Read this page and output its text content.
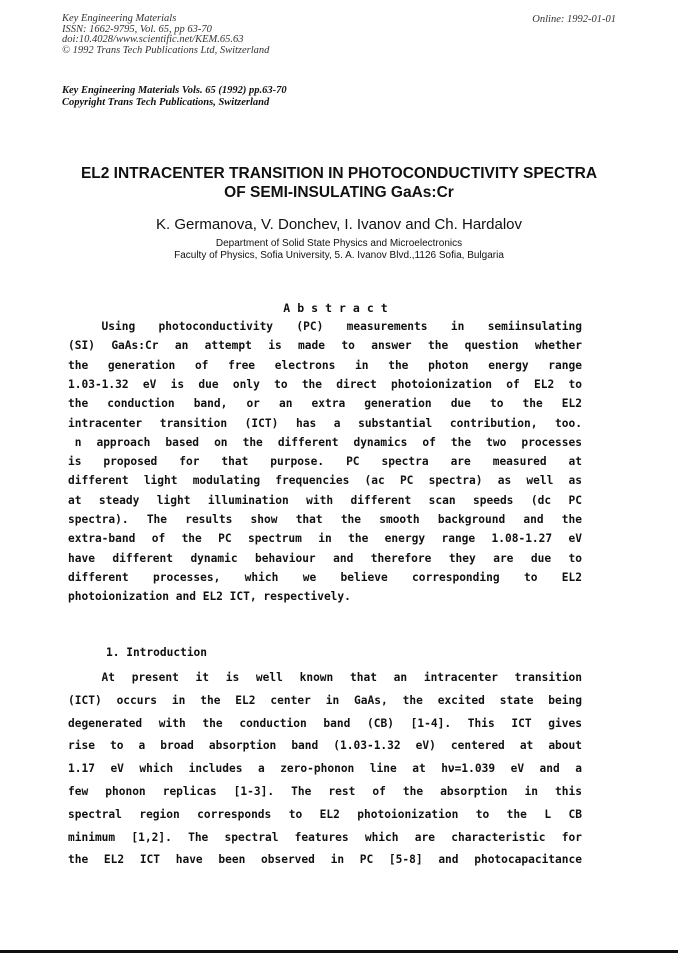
Key Engineering Materials
ISSN: 1662-9795, Vol. 65, pp 63-70
doi:10.4028/www.scientific.net/KEM.65.63
© 1992 Trans Tech Publications Ltd, Switzerland
Online: 1992-01-01
Key Engineering Materials Vols. 65 (1992) pp.63-70
Copyright Trans Tech Publications, Switzerland
EL2 INTRACENTER TRANSITION IN PHOTOCONDUCTIVITY SPECTRA
OF SEMI-INSULATING GaAs:Cr
K. Germanova, V. Donchev, I. Ivanov and Ch. Hardalov
Department of Solid State Physics and Microelectronics
Faculty of Physics, Sofia University, 5. A. Ivanov Blvd.,1126 Sofia, Bulgaria
Abstract
Using photoconductivity (PC) measurements in semiinsulating
(SI) GaAs:Cr an attempt is made to answer the question whether
the generation of free electrons in the photon energy range
1.03-1.32 eV is due only to the direct photoionization of EL2 to
the conduction band, or an extra generation due to the EL2
intracenter transition (ICT) has a substantial contribution, too.
n approach based on the different dynamics of the two processes
is proposed for that purpose. PC spectra are measured at
different light modulating frequencies (ac PC spectra) as well as
at steady light illumination with different scan speeds (dc PC
spectra). The results show that the smooth background and the
extra-band of the PC spectrum in the energy range 1.08-1.27 eV
have different dynamic behaviour and therefore they are due to
different processes, which we believe corresponding to EL2
photoionization and EL2 ICT, respectively.
1. Introduction
At present it is well known that an intracenter transition
(ICT) occurs in the EL2 center in GaAs, the excited state being
degenerated with the conduction band (CB) [1-4]. This ICT gives
rise to a broad absorption band (1.03-1.32 eV) centered at about
1.17 eV which includes a zero-phonon line at hν=1.039 eV and a
few phonon replicas [1-3]. The rest of the absorption in this
spectral region corresponds to EL2 photoionization to the L CB
minimum [1,2]. The spectral features which are characteristic for
the EL2 ICT have been observed in PC [5-8] and photocapacitance
